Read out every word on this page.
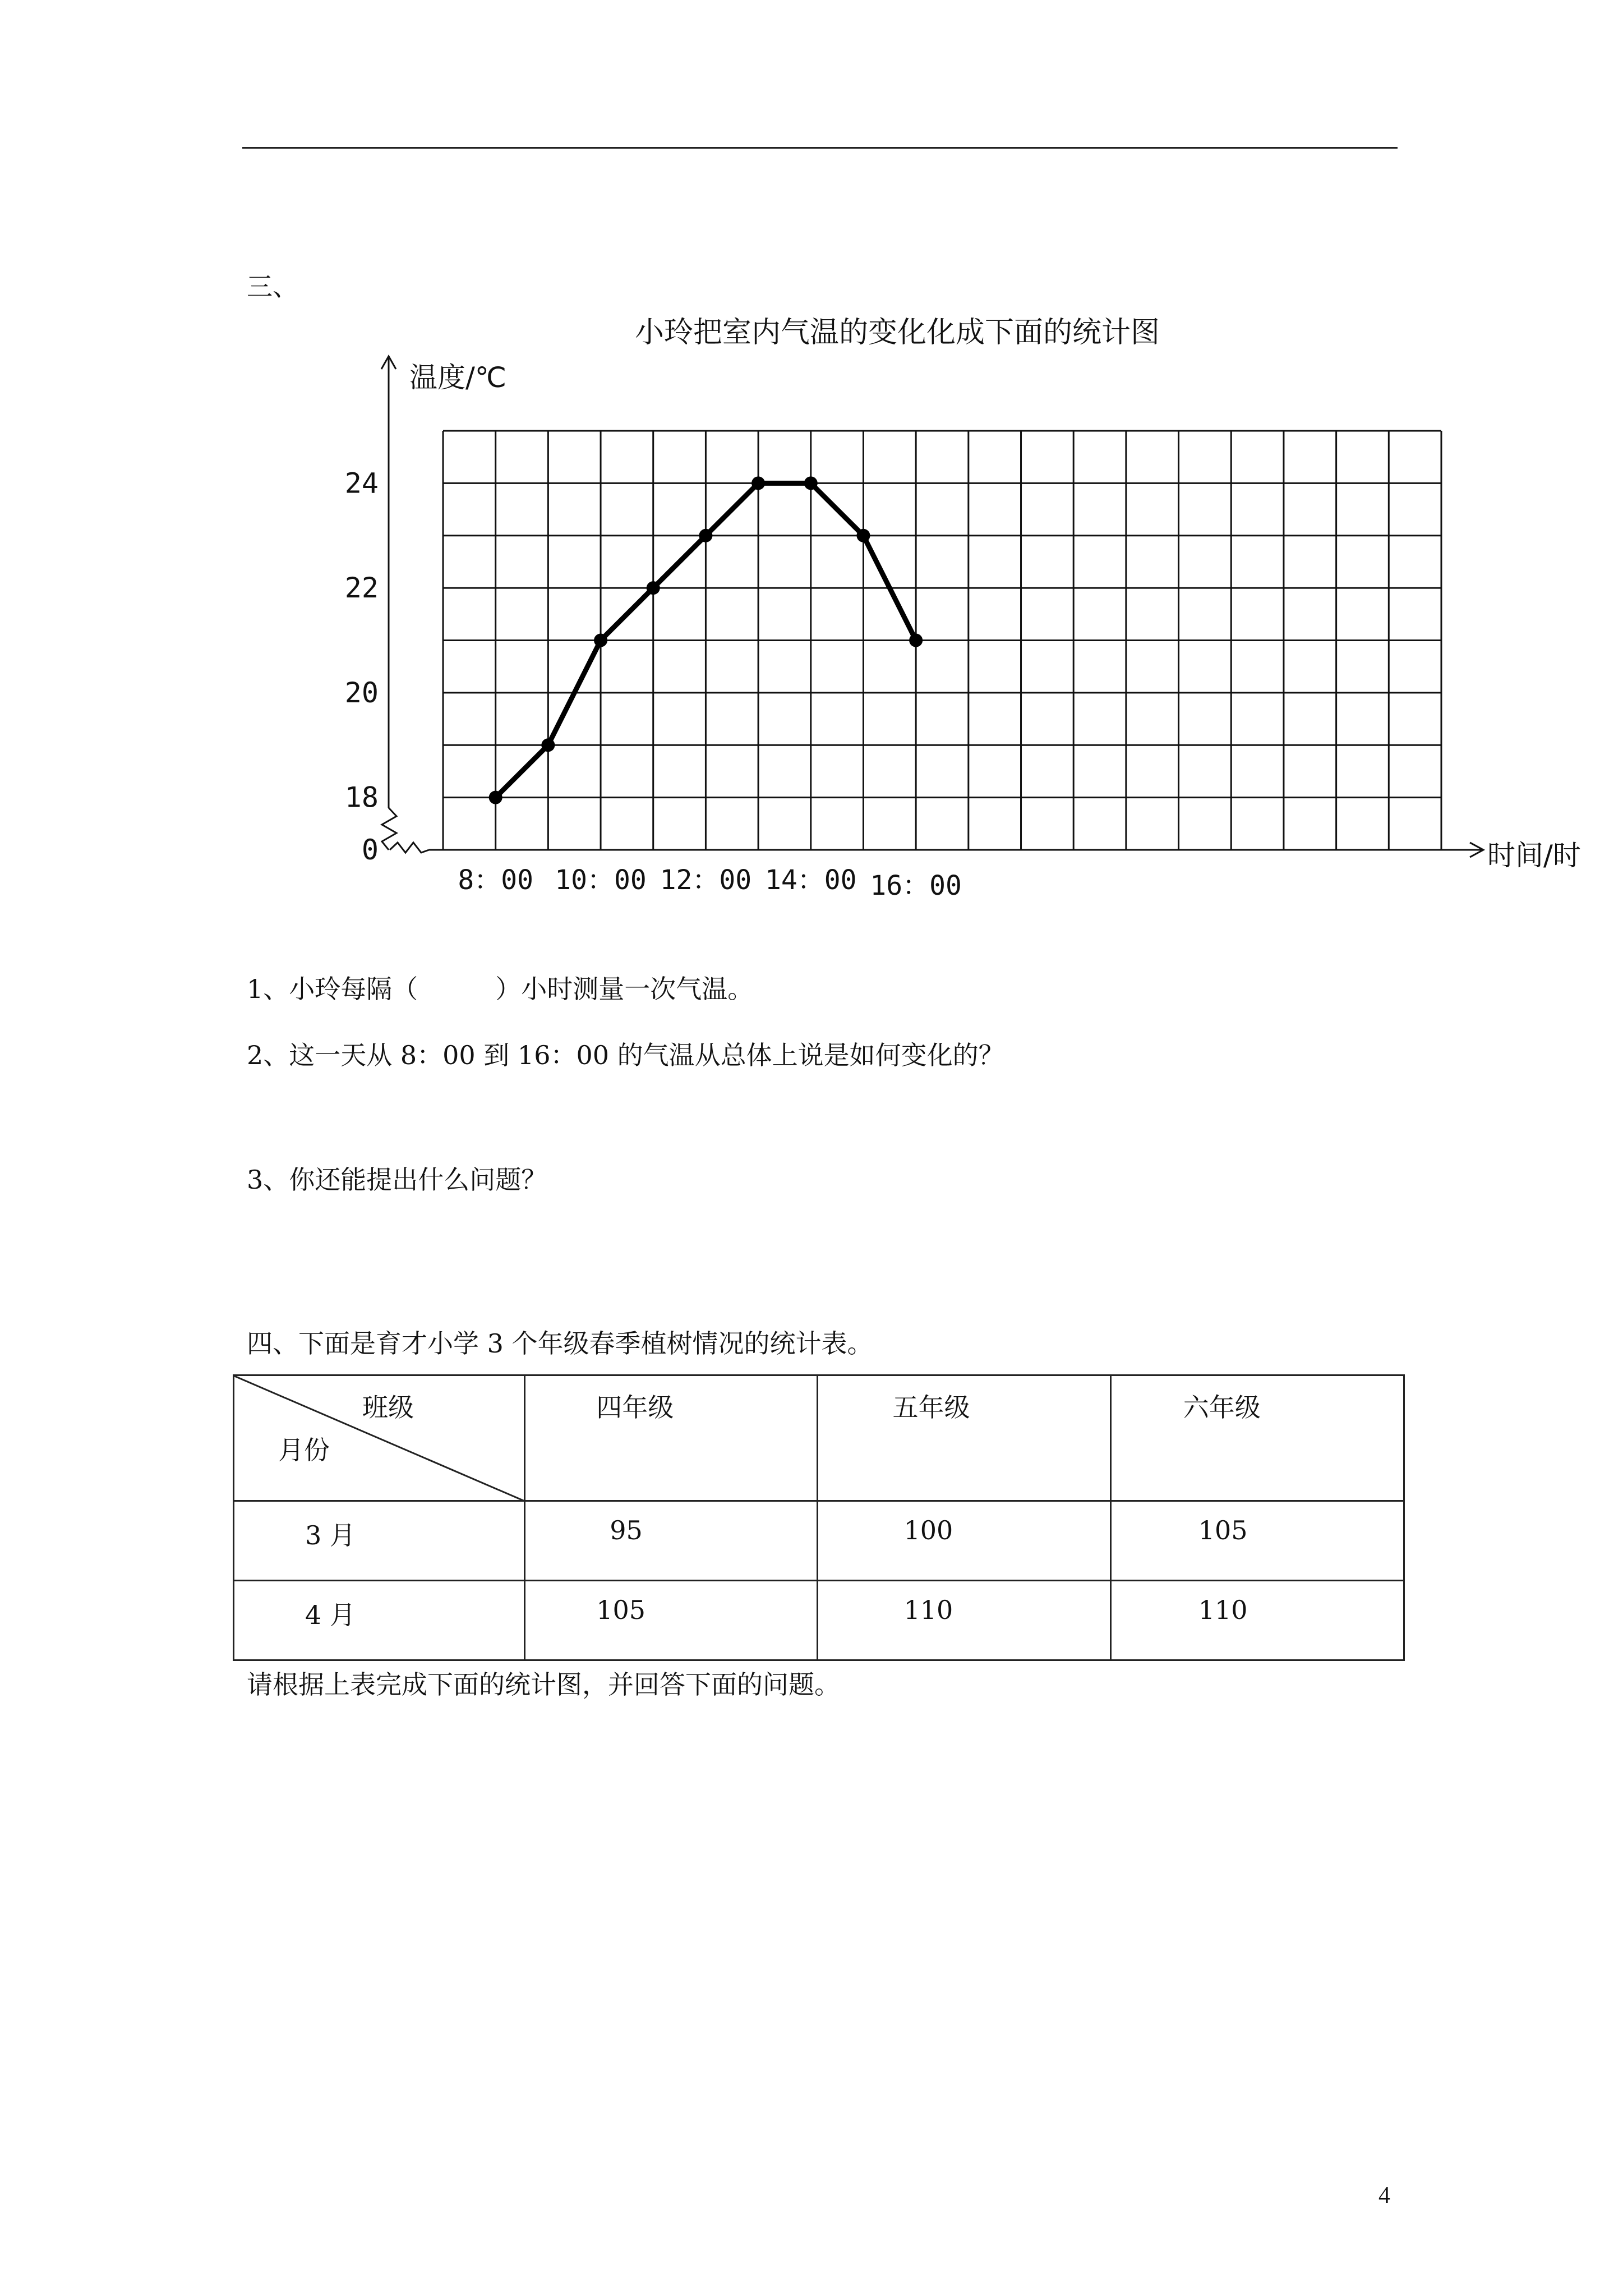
三、
小玲把室内气温的变化化成下面的统计图
温度/℃
时间/时
24
22
20
18
0
8：00 10：00 12：00 14：00 16：00
1、小玲每隔（　　　）小时测量一次气温。
2、这一天从 8：00 到 16：00 的气温从总体上说是如何变化的？
3、你还能提出什么问题？
四、下面是育才小学 3 个年级春季植树情况的统计表。
班级
月份	四年级	五年级	六年级

3 月	95	100	105

4 月	105	110	110
请根据上表完成下面的统计图，并回答下面的问题。
4
